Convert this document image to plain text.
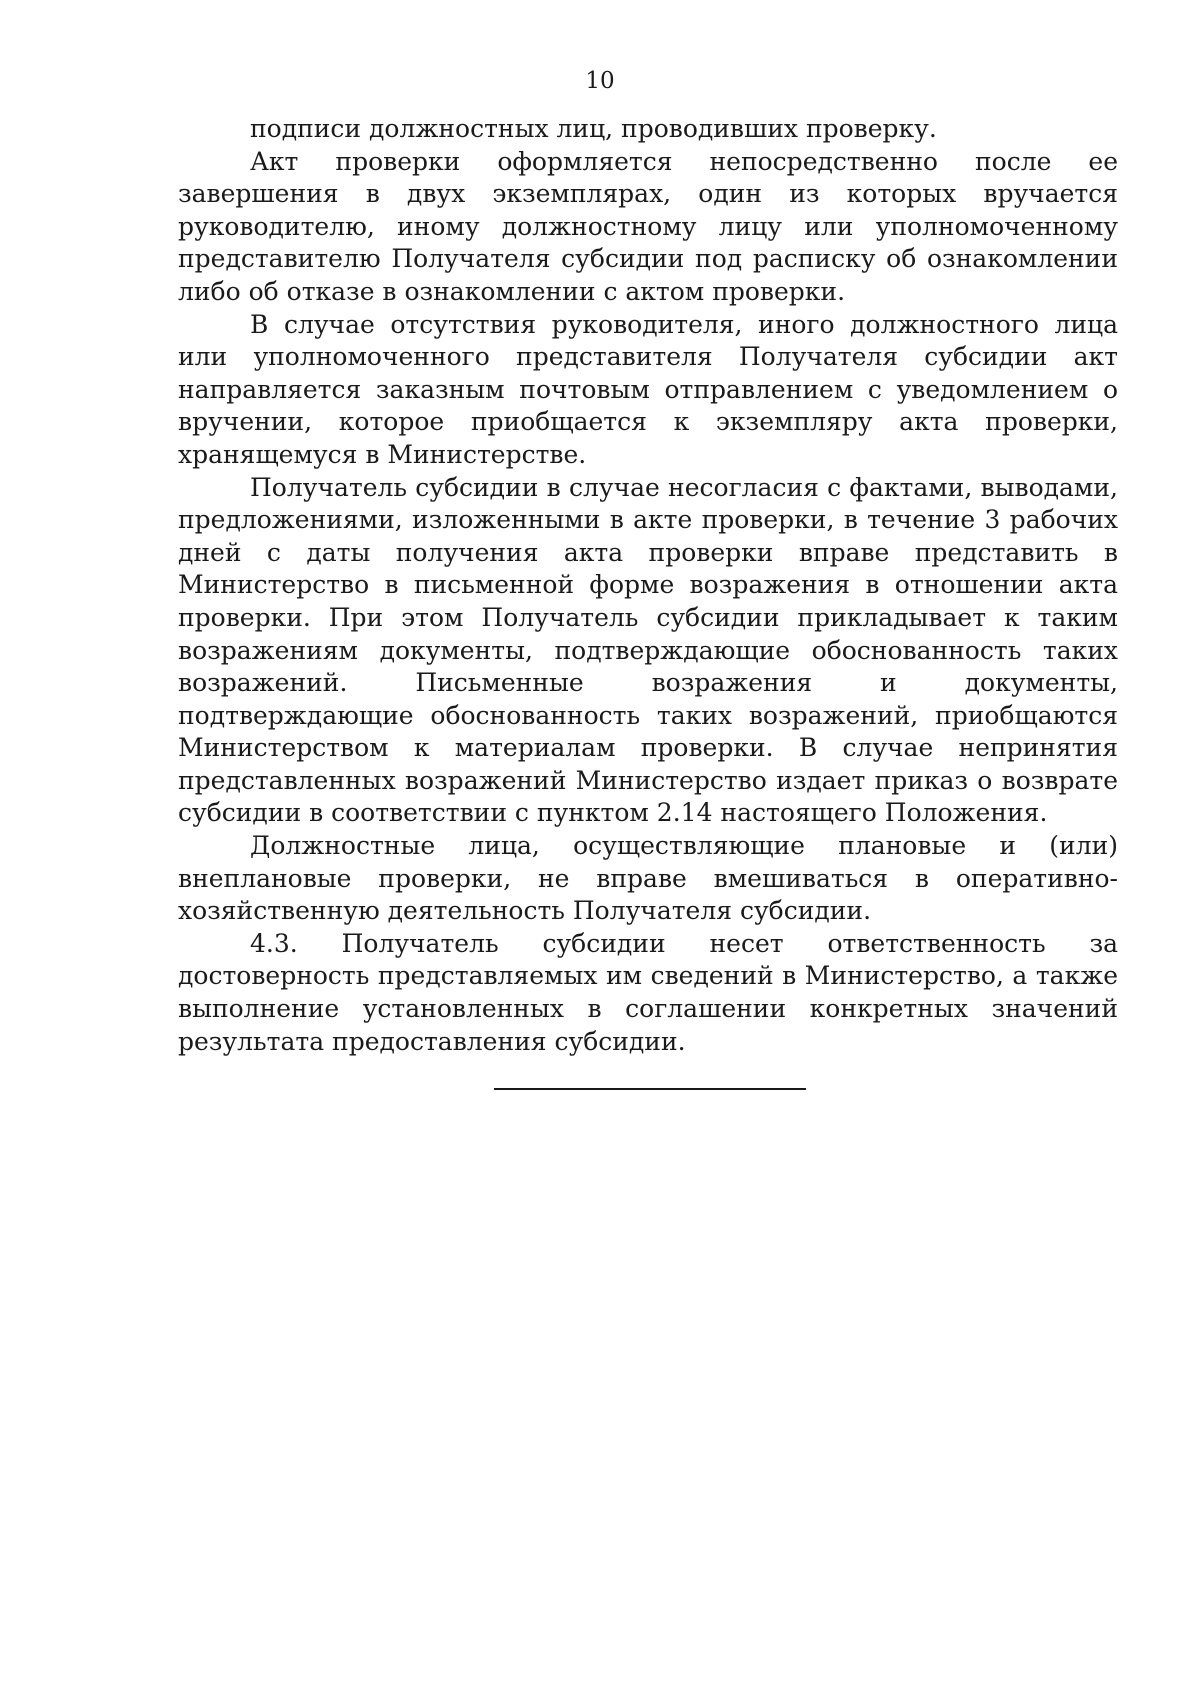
10

подписи должностных лиц, проводивших проверку.

Акт проверки оформляется непосредственно после ее завершения в двух экземплярах, один из которых вручается руководителю, иному должностному лицу или уполномоченному представителю Получателя субсидии под расписку об ознакомлении либо об отказе в ознакомлении с актом проверки.

В случае отсутствия руководителя, иного должностного лица или уполномоченного представителя Получателя субсидии акт направляется заказным почтовым отправлением с уведомлением о вручении, которое приобщается к экземпляру акта проверки, хранящемуся в Министерстве.

Получатель субсидии в случае несогласия с фактами, выводами, предложениями, изложенными в акте проверки, в течение 3 рабочих дней с даты получения акта проверки вправе представить в Министерство в письменной форме возражения в отношении акта проверки. При этом Получатель субсидии прикладывает к таким возражениям документы, подтверждающие обоснованность таких возражений. Письменные возражения и документы, подтверждающие обоснованность таких возражений, приобщаются Министерством к материалам проверки. В случае непринятия представленных возражений Министерство издает приказ о возврате субсидии в соответствии с пунктом 2.14 настоящего Положения.

Должностные лица, осуществляющие плановые и (или) внеплановые проверки, не вправе вмешиваться в оперативно-хозяйственную деятельность Получателя субсидии.

4.3. Получатель субсидии несет ответственность за достоверность представляемых им сведений в Министерство, а также выполнение установленных в соглашении конкретных значений результата предоставления субсидии.
